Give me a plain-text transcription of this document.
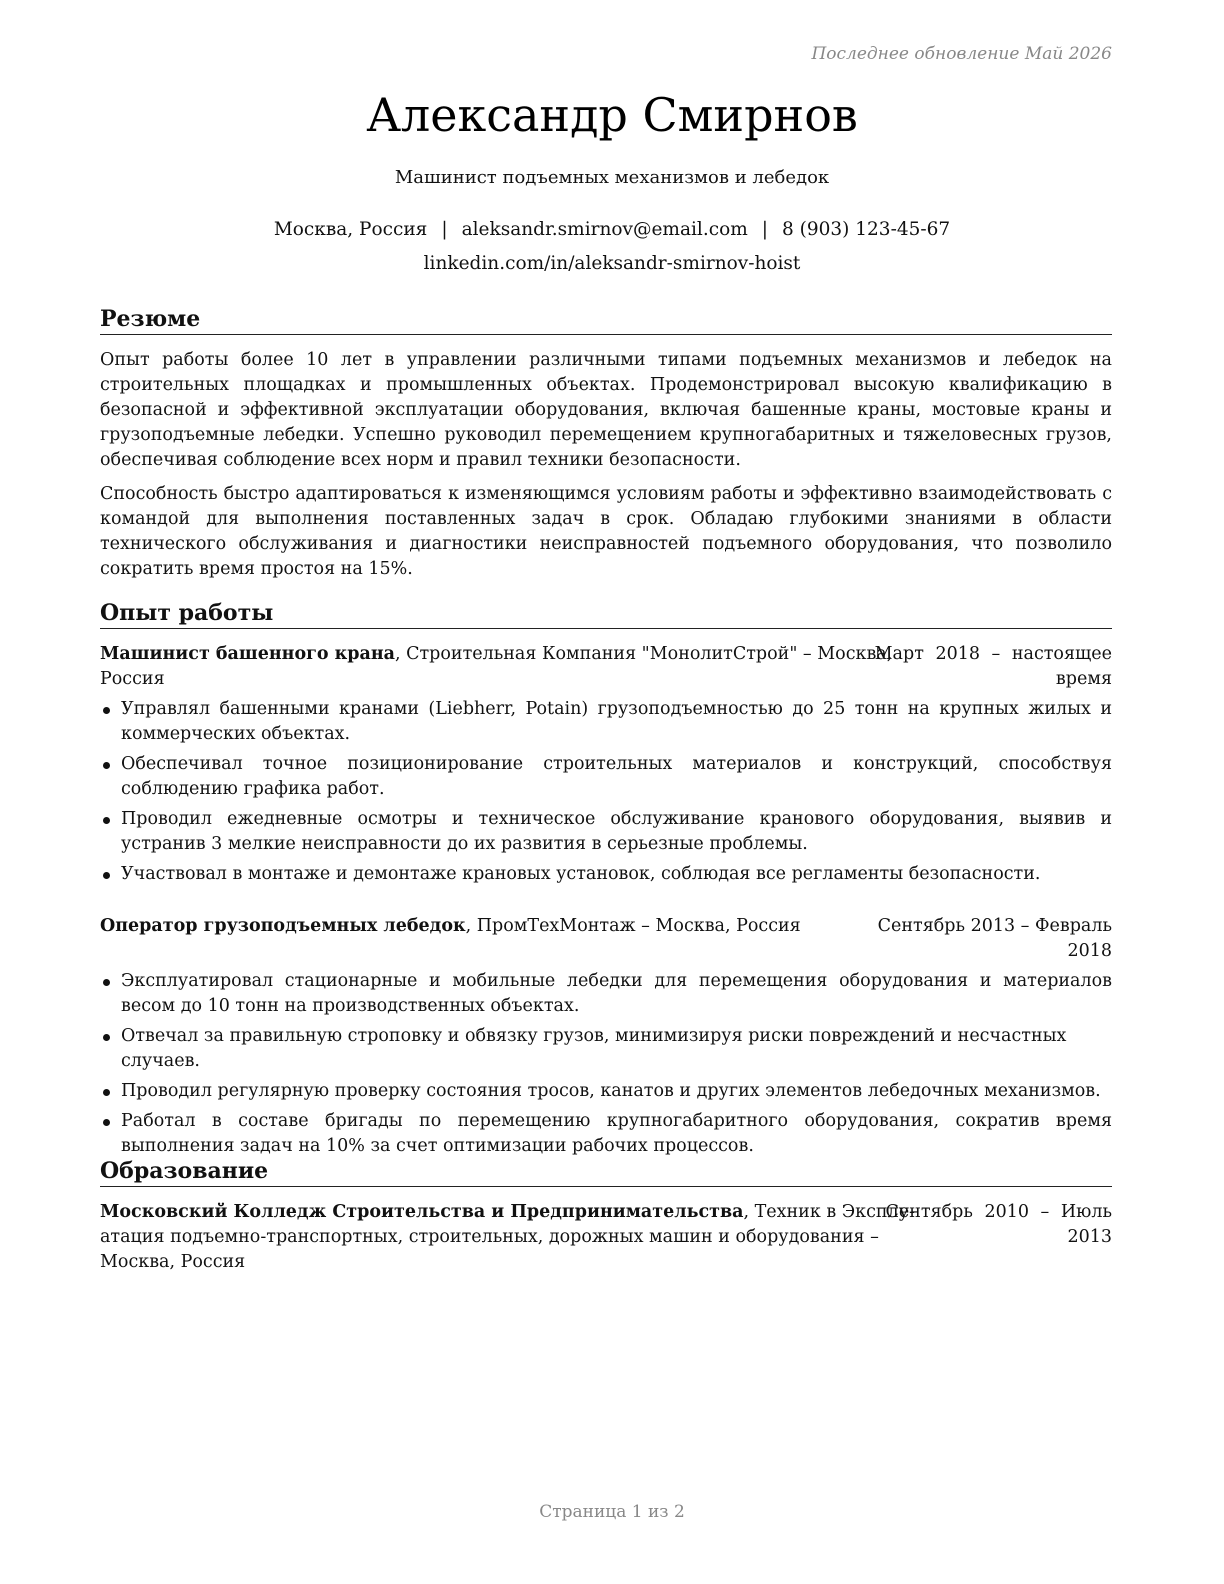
Последнее обновление Май 2026
Александр Смирнов
Машинист подъемных механизмов и лебедок
Москва, Россия | aleksandr.smirnov@email.com | 8 (903) 123-45-67
linkedin.com/in/aleksandr-smirnov-hoist
Резюме

Опыт работы более 10 лет в управлении различными типами подъемных механизмов и лебедок на строительных площадках и промышленных объектах. Продемонстрировал высокую квалификацию в безопасной и эффективной эксплуатации оборудования, включая башенные краны, мостовые краны и грузоподъемные лебедки. Успешно руководил перемещением крупногабаритных и тяжеловесных грузов, обеспечивая соблюдение всех норм и правил техники безопасности.

Способность быстро адаптироваться к изменяющимся условиям работы и эффективно взаимодействовать с командой для выполнения поставленных задач в срок. Обладаю глубокими знаниями в области технического обслуживания и диагностики неисправностей подъемного оборудования, что позволило сократить время простоя на 15%.

Опыт работы
Машинист башенного крана, Строительная Компания "МонолитСтрой" – Москва,
Россия
Март 2018 – настоящее
время
Управлял башенными кранами (Liebherr, Potain) грузоподъемностью до 25 тонн на крупных жилых и коммерческих объектах.
Обеспечивал точное позиционирование строительных материалов и конструкций, способствуя соблюдению графика работ.
Проводил ежедневные осмотры и техническое обслуживание кранового оборудования, выявив и устранив 3 мелкие неисправности до их развития в серьезные проблемы.
Участвовал в монтаже и демонтаже крановых установок, соблюдая все регламенты безопасности.
Оператор грузоподъемных лебедок, ПромТехМонтаж – Москва, Россия	Сентябрь 2013 – Февраль
2018
Эксплуатировал стационарные и мобильные лебедки для перемещения оборудования и материалов весом до 10 тонн на производственных объектах.
Отвечал за правильную строповку и обвязку грузов, минимизируя риски повреждений и несчастных случаев.
Проводил регулярную проверку состояния тросов, канатов и других элементов лебедочных механизмов.
Работал в составе бригады по перемещению крупногабаритного оборудования, сократив время выполнения задач на 10% за счет оптимизации рабочих процессов.
Образование
Московский Колледж Строительства и Предпринимательства, Техник в Эксплу-
атация подъемно-транспортных, строительных, дорожных машин и оборудования –
Москва, Россия
Сентябрь 2010 – Июль
2013
Страница 1 из 2
